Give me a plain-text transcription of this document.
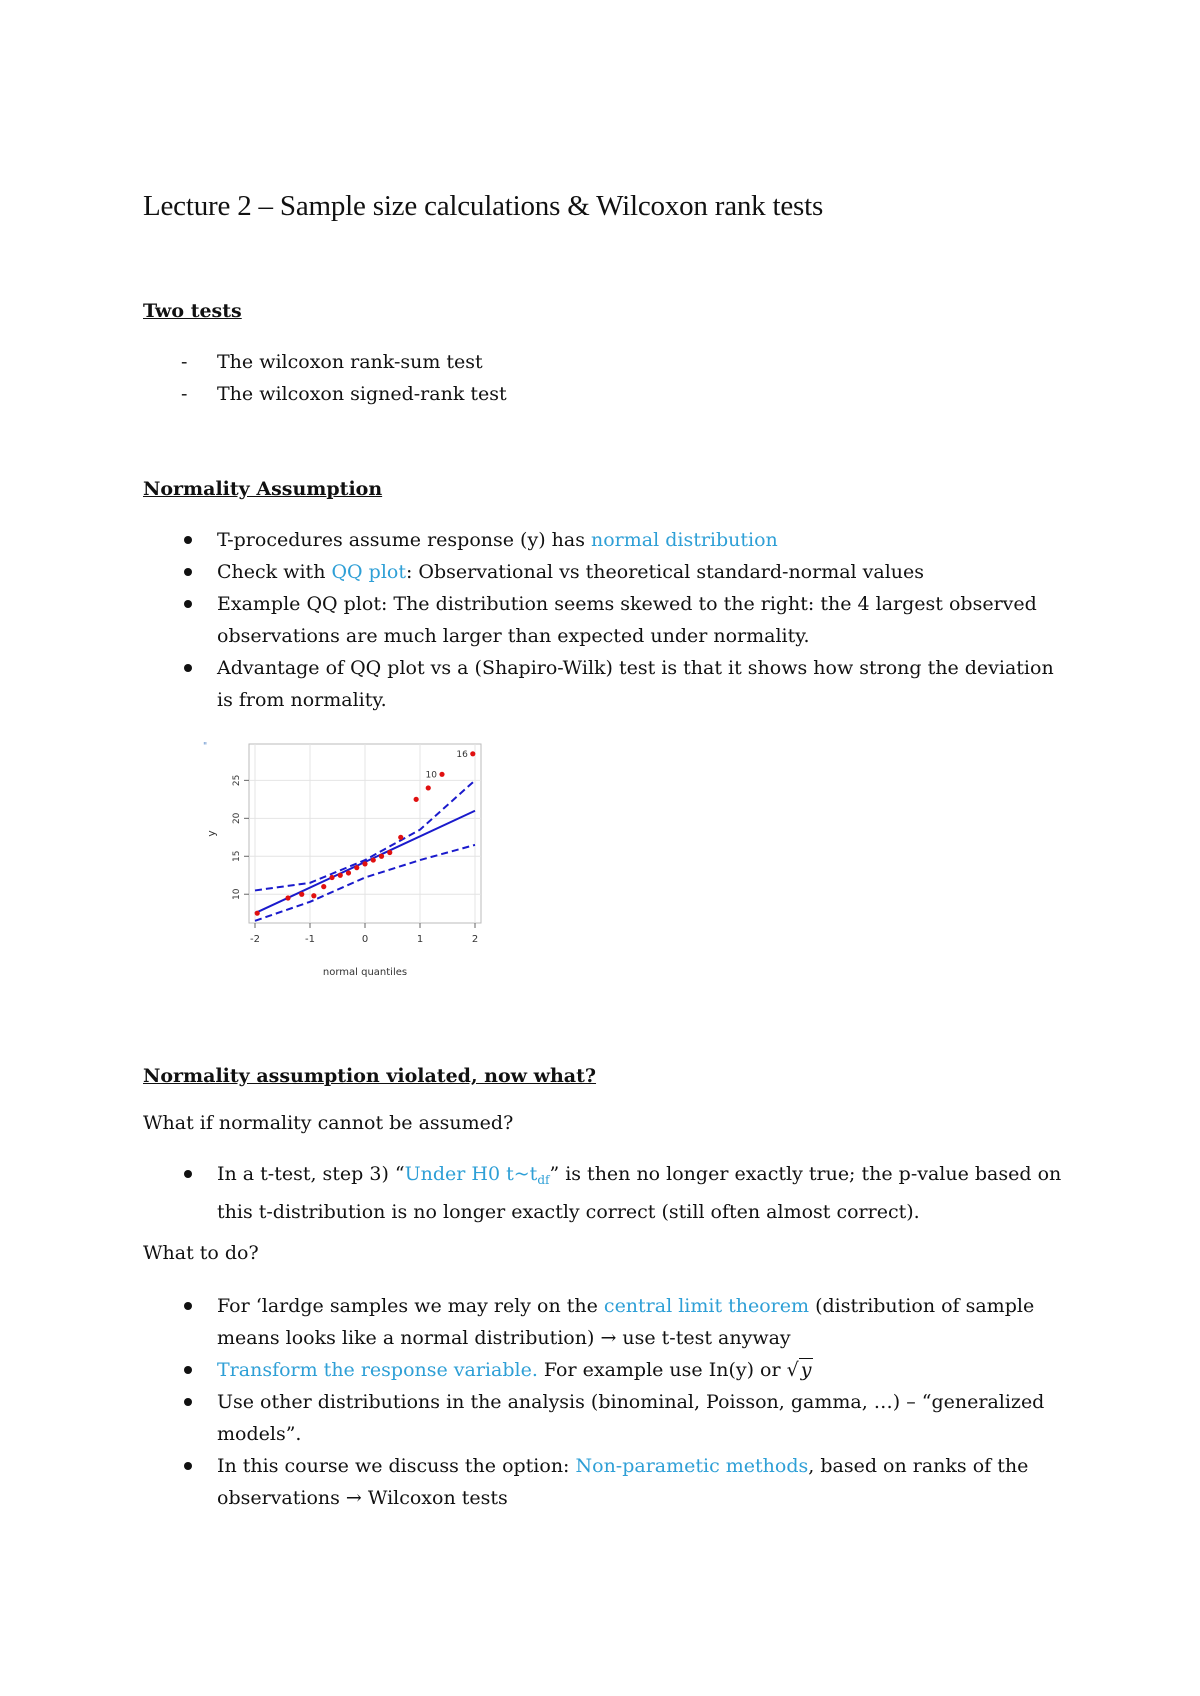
Lecture 2 – Sample size calculations & Wilcoxon rank tests
Two tests
- The wilcoxon rank-sum test
- The wilcoxon signed-rank test
Normality Assumption
T-procedures assume response (y) has normal distribution
Check with QQ plot: Observational vs theoretical standard-normal values
Example QQ plot: The distribution seems skewed to the right: the 4 largest observed observations are much larger than expected under normality.
Advantage of QQ plot vs a (Shapiro-Wilk) test is that it shows how strong the deviation is from normality.
"
-2	-1	0	1	2
10
15
20
25
normal quantiles
y
10
16
Normality assumption violated, now what?

What if normality cannot be assumed?

In a t-test, step 3) “Under H0 $t\sim t_{df}$” is then no longer exactly true; the p-value based on this t-distribution is no longer exactly correct (still often almost correct).

What to do?

For ‘lardge samples we may rely on the central limit theorem (distribution of sample means looks like a normal distribution) → use t-test anyway
Transform the response variable. For example use In(y) or √ y
Use other distributions in the analysis (binominal, Poisson, gamma, …) – “generalized models”.
In this course we discuss the option: Non-parametic methods, based on ranks of the observations → Wilcoxon tests
